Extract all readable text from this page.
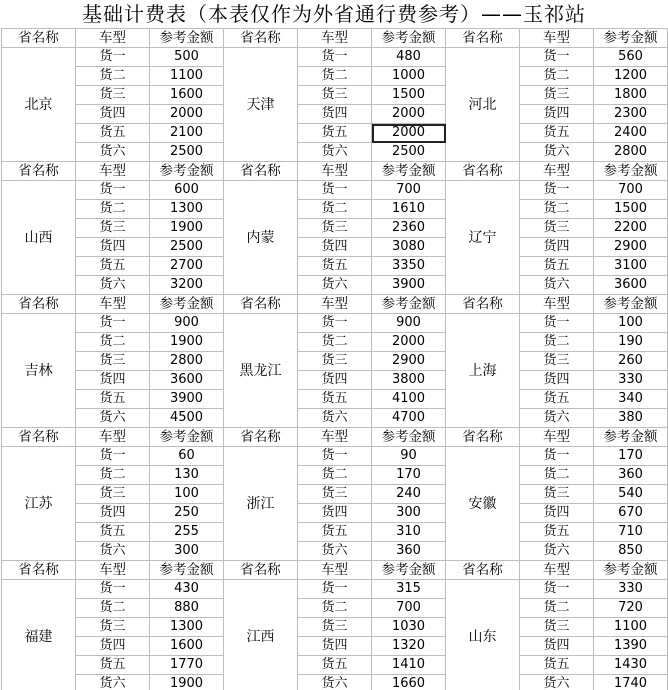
基础计费表（本表仅作为外省通行费参考）——玉祁站
省名称	车型	参考金额	省名称	车型	参考金额	省名称	车型	参考金额
北京	货一	500	天津	货一	480	河北	货一	560
	货二	1100		货二	1000		货二	1200
	货三	1600		货三	1500		货三	1800
	货四	2000		货四	2000		货四	2300
	货五	2100		货五	2000		货五	2400
	货六	2500		货六	2500		货六	2800
省名称	车型	参考金额	省名称	车型	参考金额	省名称	车型	参考金额
山西	货一	600	内蒙	货一	700	辽宁	货一	700
	货二	1300		货二	1610		货二	1500
	货三	1900		货三	2360		货三	2200
	货四	2500		货四	3080		货四	2900
	货五	2700		货五	3350		货五	3100
	货六	3200		货六	3900		货六	3600
省名称	车型	参考金额	省名称	车型	参考金额	省名称	车型	参考金额
吉林	货一	900	黑龙江	货一	900	上海	货一	100
	货二	1900		货二	2000		货二	190
	货三	2800		货三	2900		货三	260
	货四	3600		货四	3800		货四	330
	货五	3900		货五	4100		货五	340
	货六	4500		货六	4700		货六	380
省名称	车型	参考金额	省名称	车型	参考金额	省名称	车型	参考金额
江苏	货一	60	浙江	货一	90	安徽	货一	170
	货二	130		货二	170		货二	360
	货三	100		货三	240		货三	540
	货四	250		货四	300		货四	670
	货五	255		货五	310		货五	710
	货六	300		货六	360		货六	850
省名称	车型	参考金额	省名称	车型	参考金额	省名称	车型	参考金额
福建	货一	430	江西	货一	315	山东	货一	330
	货二	880		货二	700		货二	720
	货三	1300		货三	1030		货三	1100
	货四	1600		货四	1320		货四	1390
	货五	1770		货五	1410		货五	1430
	货六	1900		货六	1660		货六	1740
